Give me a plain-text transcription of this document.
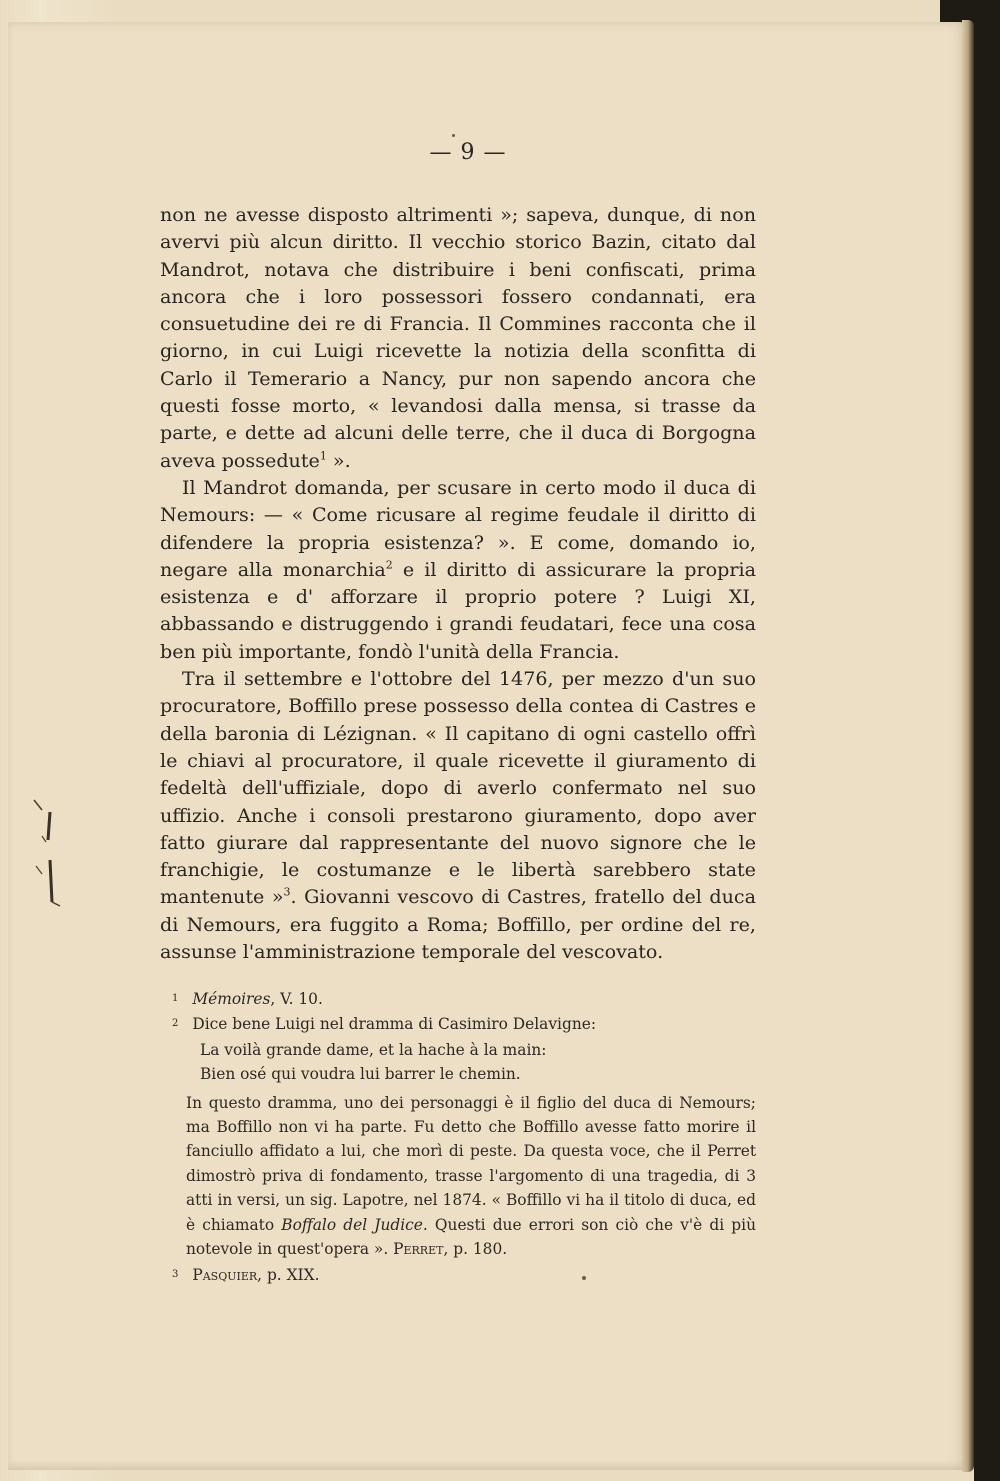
— 9 —

non ne avesse disposto altrimenti »; sapeva, dunque, di non avervi più alcun diritto. Il vecchio storico Bazin, citato dal Mandrot, notava che distribuire i beni confiscati, prima ancora che i loro possessori fossero condannati, era consuetudine dei re di Francia. Il Commines racconta che il giorno, in cui Luigi ricevette la notizia della sconfitta di Carlo il Temerario a Nancy, pur non sapendo ancora che questi fosse morto, « levandosi dalla mensa, si trasse da parte, e dette ad alcuni delle terre, che il duca di Borgogna aveva possedute$^1$ ».

Il Mandrot domanda, per scusare in certo modo il duca di Nemours: — « Come ricusare al regime feudale il diritto di difendere la propria esistenza? ». E come, domando io, negare alla monarchia$^2$ e il diritto di assicurare la propria esistenza e d' afforzare il proprio potere ? Luigi XI, abbassando e distruggendo i grandi feudatari, fece una cosa ben più importante, fondò l'unità della Francia.

Tra il settembre e l'ottobre del 1476, per mezzo d'un suo procuratore, Boffillo prese possesso della contea di Castres e della baronia di Lézignan. « Il capitano di ogni castello offrì le chiavi al procuratore, il quale ricevette il giuramento di fedeltà dell'uffiziale, dopo di averlo confermato nel suo uffizio. Anche i consoli prestarono giuramento, dopo aver fatto giurare dal rappresentante del nuovo signore che le franchigie, le costumanze e le libertà sarebbero state mantenute »$^3$. Giovanni vescovo di Castres, fratello del duca di Nemours, era fuggito a Roma; Boffillo, per ordine del re, assunse l'amministrazione temporale del vescovato.

1 Mémoires, V. 10.
2 Dice bene Luigi nel dramma di Casimiro Delavigne:
La voilà grande dame, et la hache à la main:
Bien osé qui voudra lui barrer le chemin.
In questo dramma, uno dei personaggi è il figlio del duca di Nemours; ma Boffillo non vi ha parte. Fu detto che Boffillo avesse fatto morire il fanciullo affidato a lui, che morì di peste. Da questa voce, che il Perret dimostrò priva di fondamento, trasse l'argomento di una tragedia, di 3 atti in versi, un sig. Lapotre, nel 1874. « Boffillo vi ha il titolo di duca, ed è chiamato Boffalo del Judice. Questi due errori son ciò che v'è di più notevole in quest'opera ». Perret, p. 180.
3 Pasquier, p. XIX.
